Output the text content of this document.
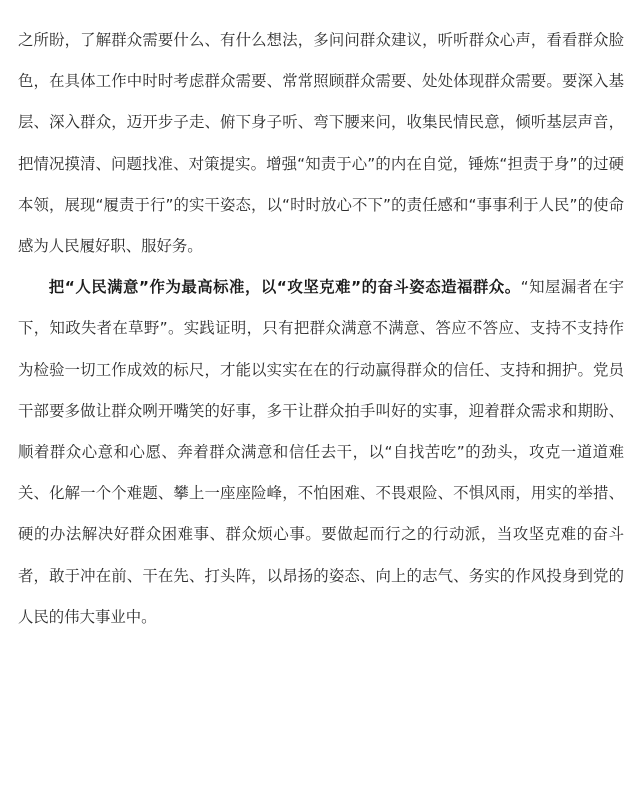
之所盼，了解群众需要什么、有什么想法，多问问群众建议，听听群众心声，看看群众脸色，在具体工作中时时考虑群众需要、常常照顾群众需要、处处体现群众需要。要深入基层、深入群众，迈开步子走、俯下身子听、弯下腰来问，收集民情民意，倾听基层声音，把情况摸清、问题找准、对策提实。增强“知责于心”的内在自觉，锤炼“担责于身”的过硬本领，展现“履责于行”的实干姿态，以“时时放心不下”的责任感和“事事利于人民”的使命感为人民履好职、服好务。

把“人民满意”作为最高标准，以“攻坚克难”的奋斗姿态造福群众。“知屋漏者在宇下，知政失者在草野”。实践证明，只有把群众满意不满意、答应不答应、支持不支持作为检验一切工作成效的标尺，才能以实实在在的行动赢得群众的信任、支持和拥护。党员干部要多做让群众咧开嘴笑的好事，多干让群众拍手叫好的实事，迎着群众需求和期盼、顺着群众心意和心愿、奔着群众满意和信任去干，以“自找苦吃”的劲头，攻克一道道难关、化解一个个难题、攀上一座座险峰，不怕困难、不畏艰险、不惧风雨，用实的举措、硬的办法解决好群众困难事、群众烦心事。要做起而行之的行动派，当攻坚克难的奋斗者，敢于冲在前、干在先、打头阵，以昂扬的姿态、向上的志气、务实的作风投身到党的人民的伟大事业中。
